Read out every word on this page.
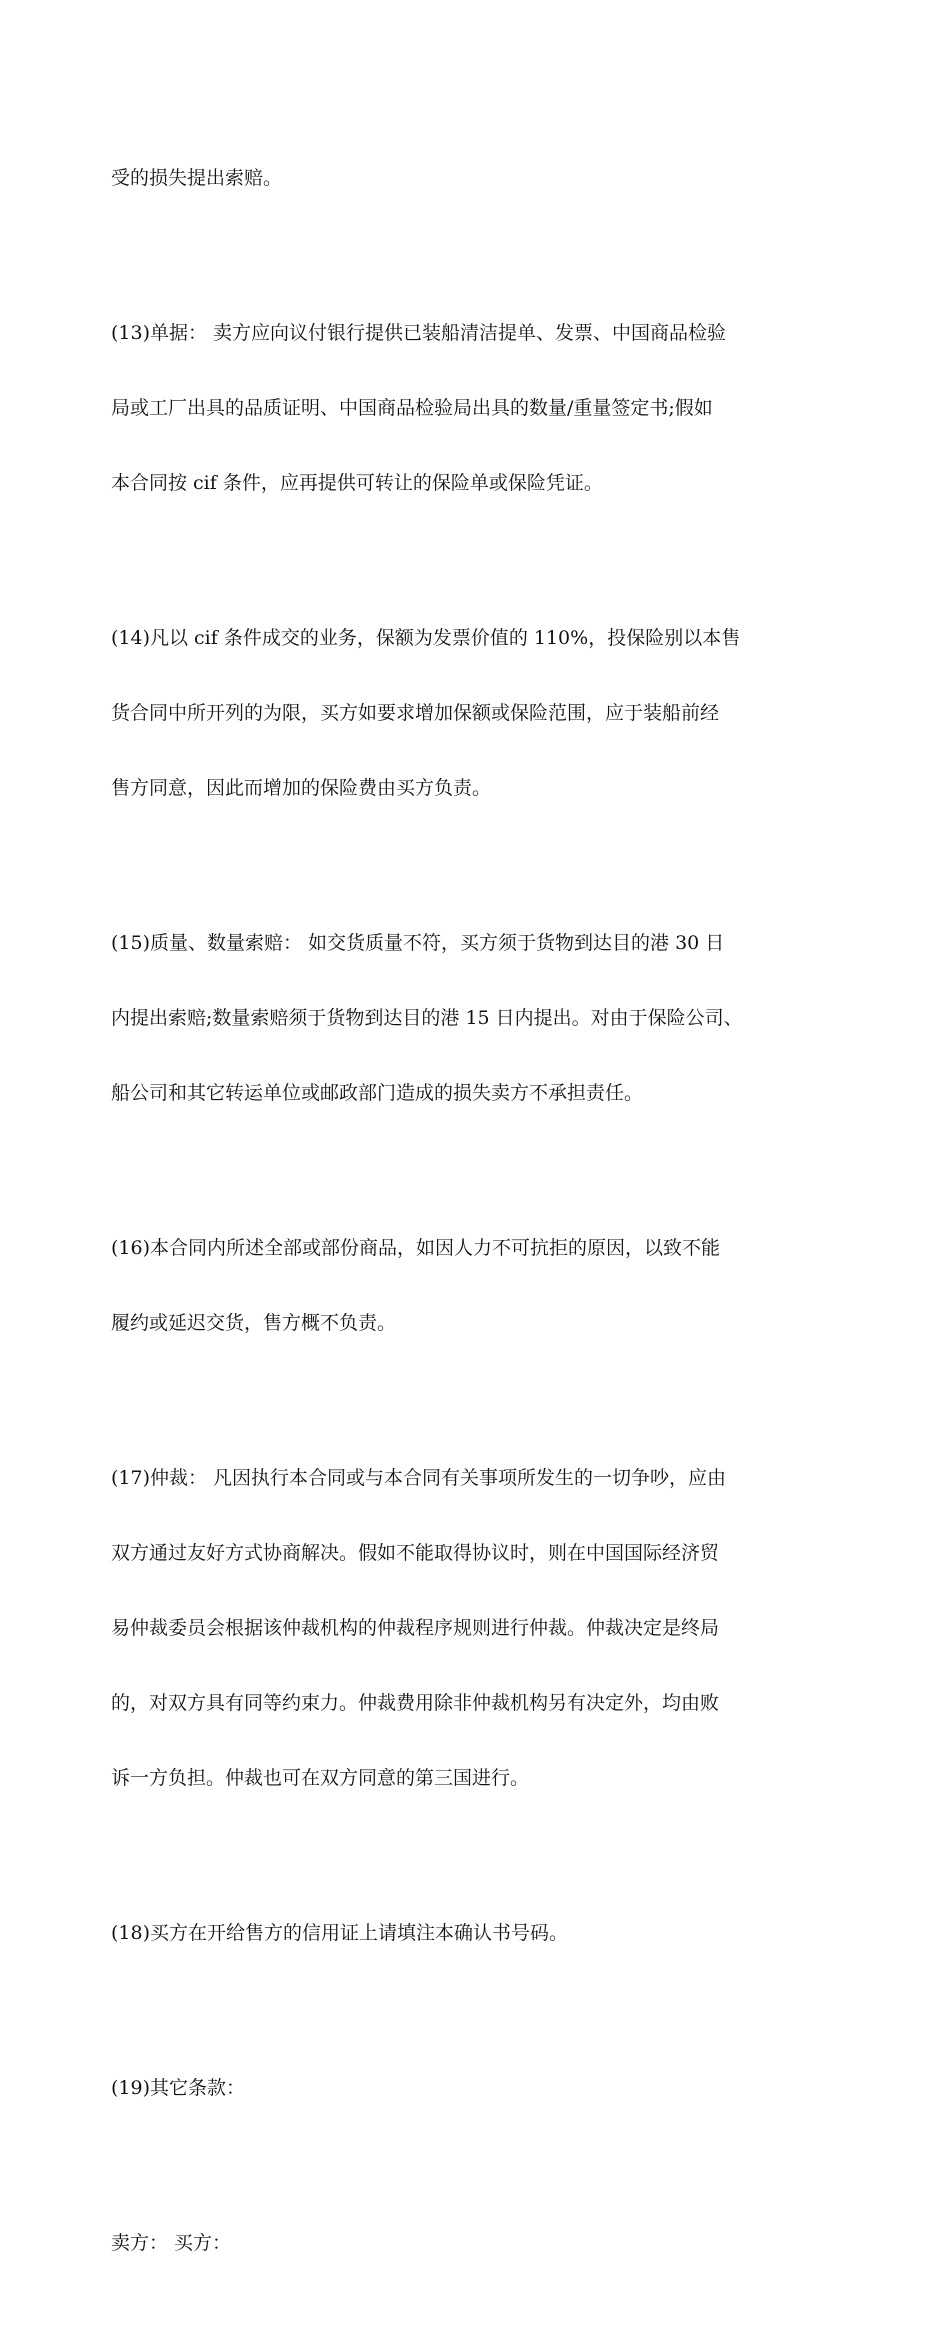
受的损失提出索赔。

(13)单据： 卖方应向议付银行提供已装船清洁提单、发票、中国商品检验

局或工厂出具的品质证明、中国商品检验局出具的数量/重量签定书;假如

本合同按 cif 条件，应再提供可转让的保险单或保险凭证。

(14)凡以 cif 条件成交的业务，保额为发票价值的 110%，投保险别以本售

货合同中所开列的为限，买方如要求增加保额或保险范围，应于装船前经

售方同意，因此而增加的保险费由买方负责。

(15)质量、数量索赔： 如交货质量不符，买方须于货物到达目的港 30 日

内提出索赔;数量索赔须于货物到达目的港 15 日内提出。对由于保险公司、

船公司和其它转运单位或邮政部门造成的损失卖方不承担责任。

(16)本合同内所述全部或部份商品，如因人力不可抗拒的原因，以致不能

履约或延迟交货，售方概不负责。

(17)仲裁： 凡因执行本合同或与本合同有关事项所发生的一切争吵，应由

双方通过友好方式协商解决。假如不能取得协议时，则在中国国际经济贸

易仲裁委员会根据该仲裁机构的仲裁程序规则进行仲裁。仲裁决定是终局

的，对双方具有同等约束力。仲裁费用除非仲裁机构另有决定外，均由败

诉一方负担。仲裁也可在双方同意的第三国进行。

(18)买方在开给售方的信用证上请填注本确认书号码。

(19)其它条款：

卖方： 买方：
